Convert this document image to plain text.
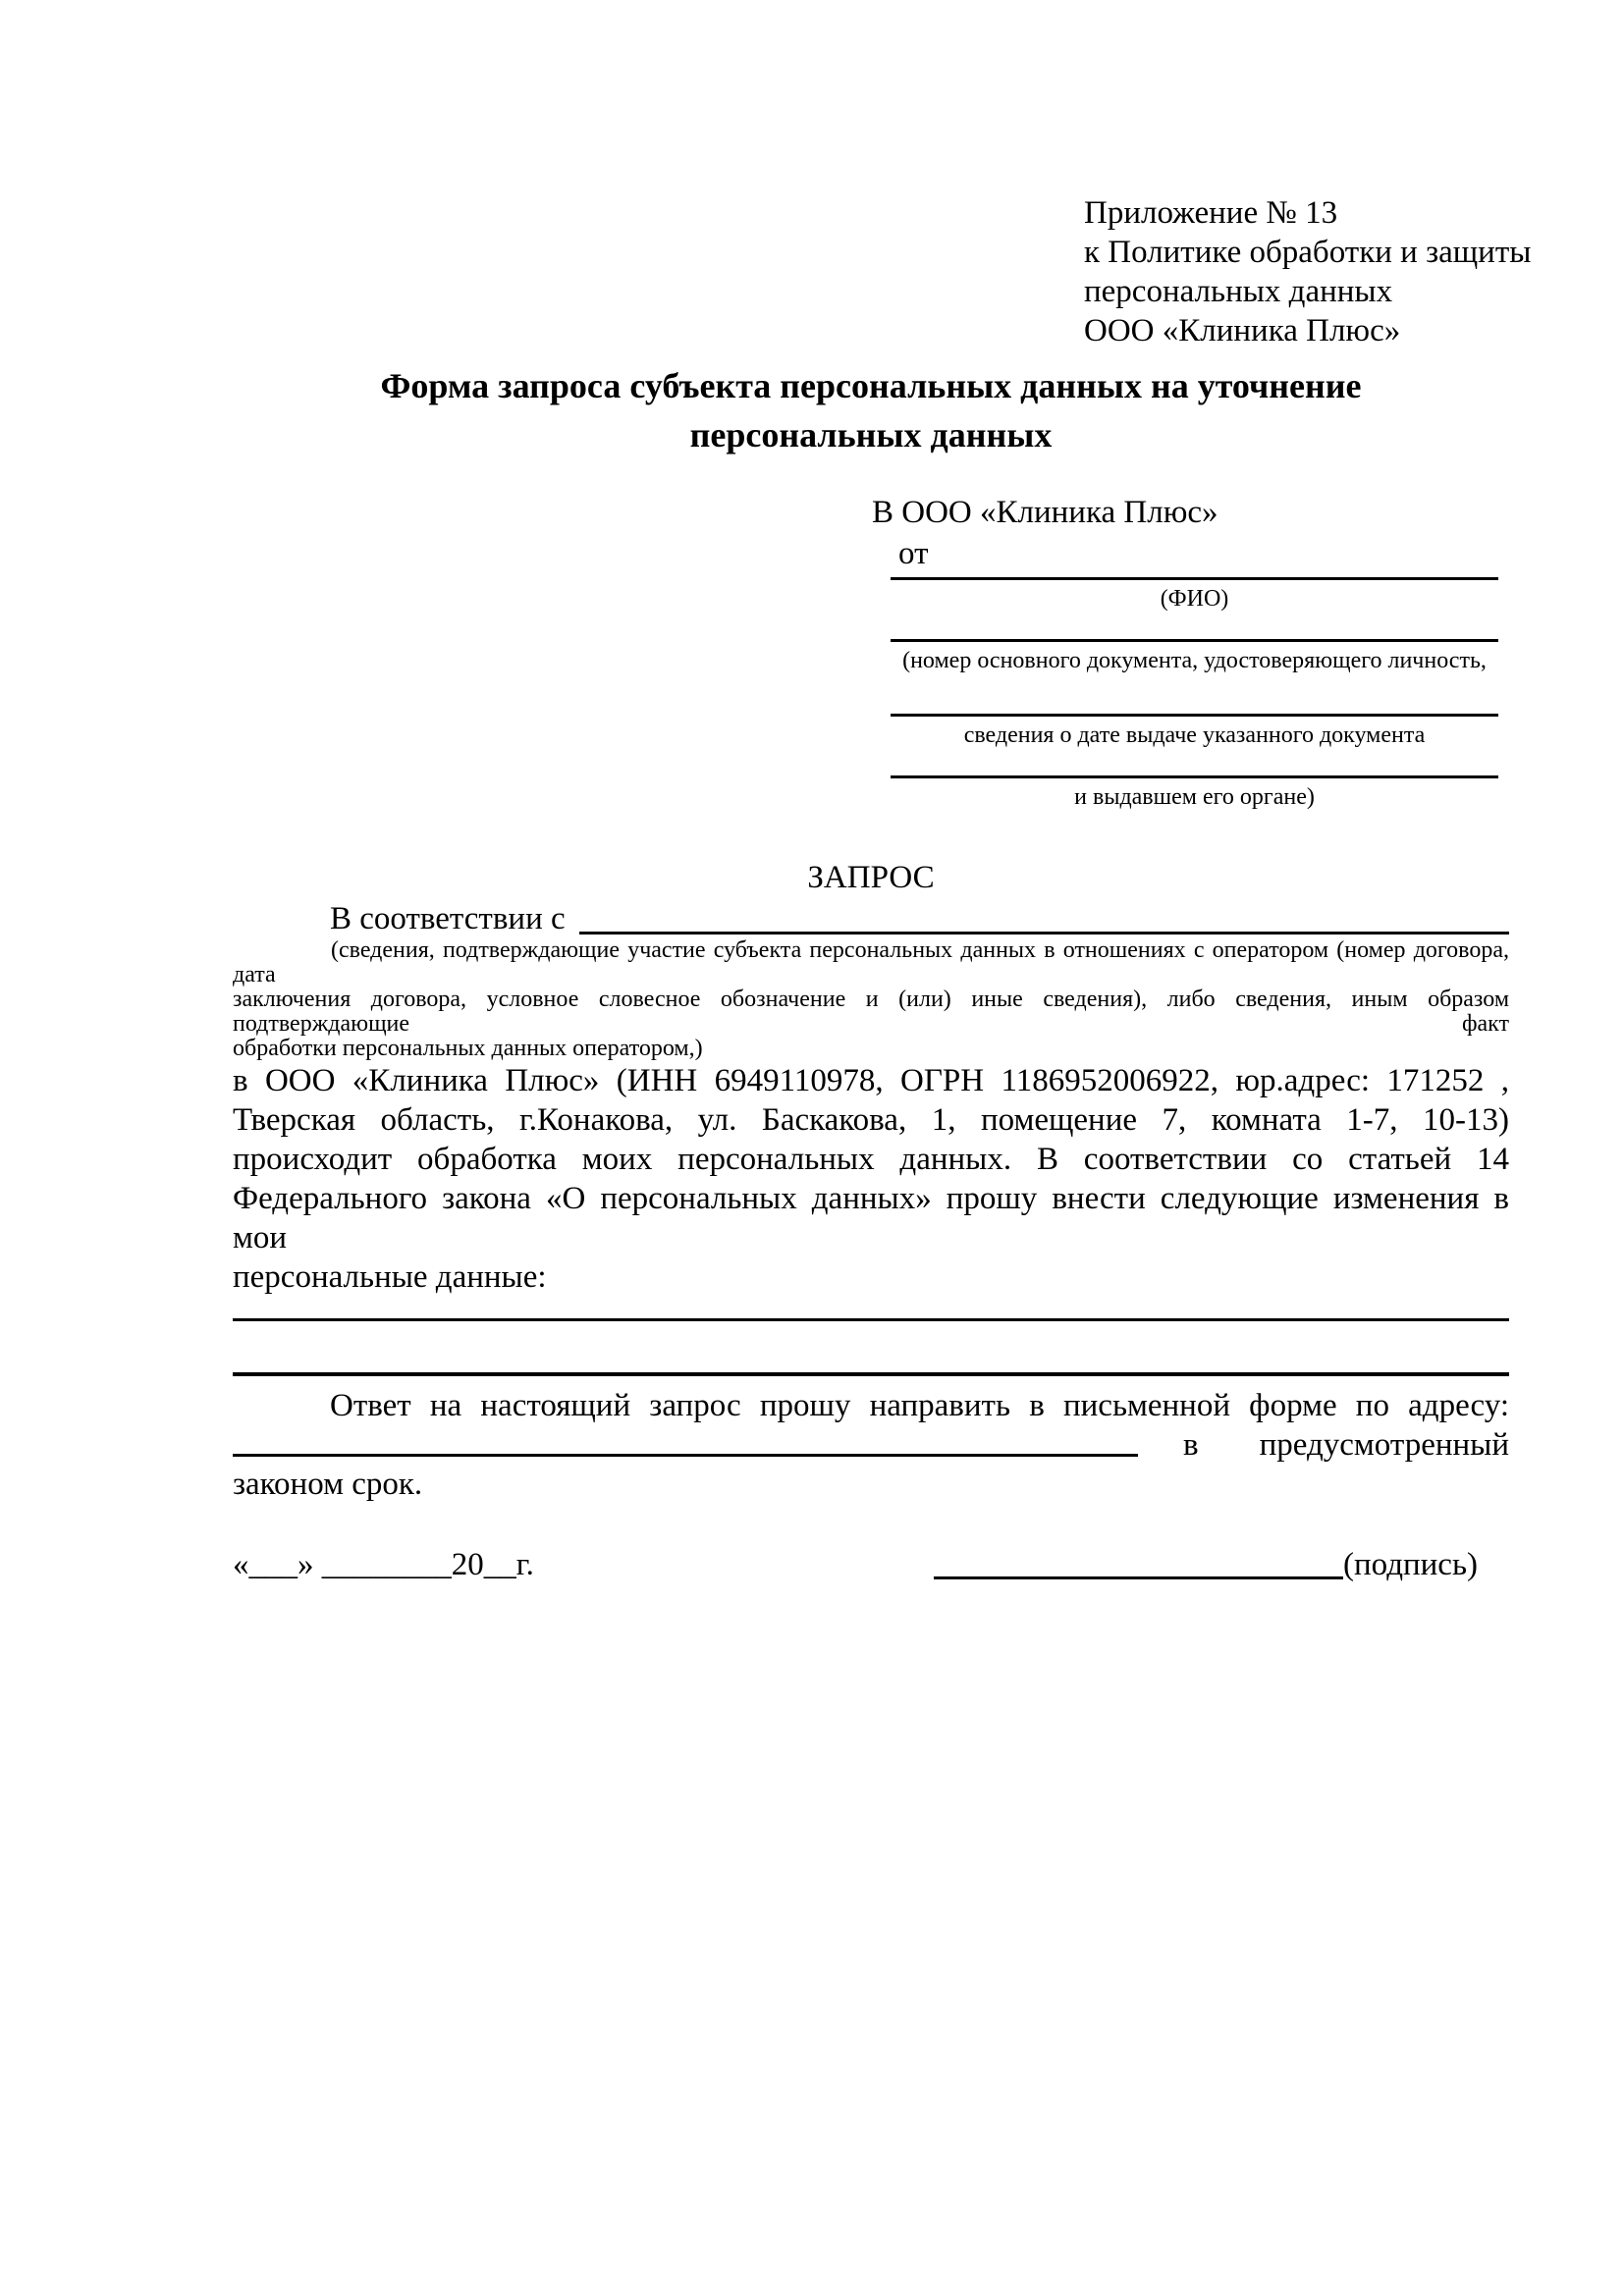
Приложение № 13
к Политике обработки и защиты
персональных данных
ООО «Клиника Плюс»
Форма запроса субъекта персональных данных на уточнение персональных данных
В ООО «Клиника Плюс»
от
(ФИО)
(номер основного документа, удостоверяющего личность,
сведения о дате выдаче указанного документа
и выдавшем его органе)
ЗАПРОС
В соответствии с
(сведения, подтверждающие участие субъекта персональных данных в отношениях с оператором (номер договора, дата
заключения договора, условное словесное обозначение и (или) иные сведения), либо сведения, иным образом подтверждающие факт
обработки персональных данных оператором,)
в ООО «Клиника Плюс» (ИНН 6949110978, ОГРН 1186952006922, юр.адрес: 171252 ,
Тверская область, г.Конакова, ул. Баскакова, 1, помещение 7, комната 1-7, 10-13)
происходит обработка моих персональных данных. В соответствии со статьей 14
Федерального закона «О персональных данных» прошу внести следующие изменения в мои
персональные данные:
Ответ на настоящий запрос прошу направить в письменной форме по адресу:
в предусмотренный
законом срок.
«___» ________20__г.	(подпись)
